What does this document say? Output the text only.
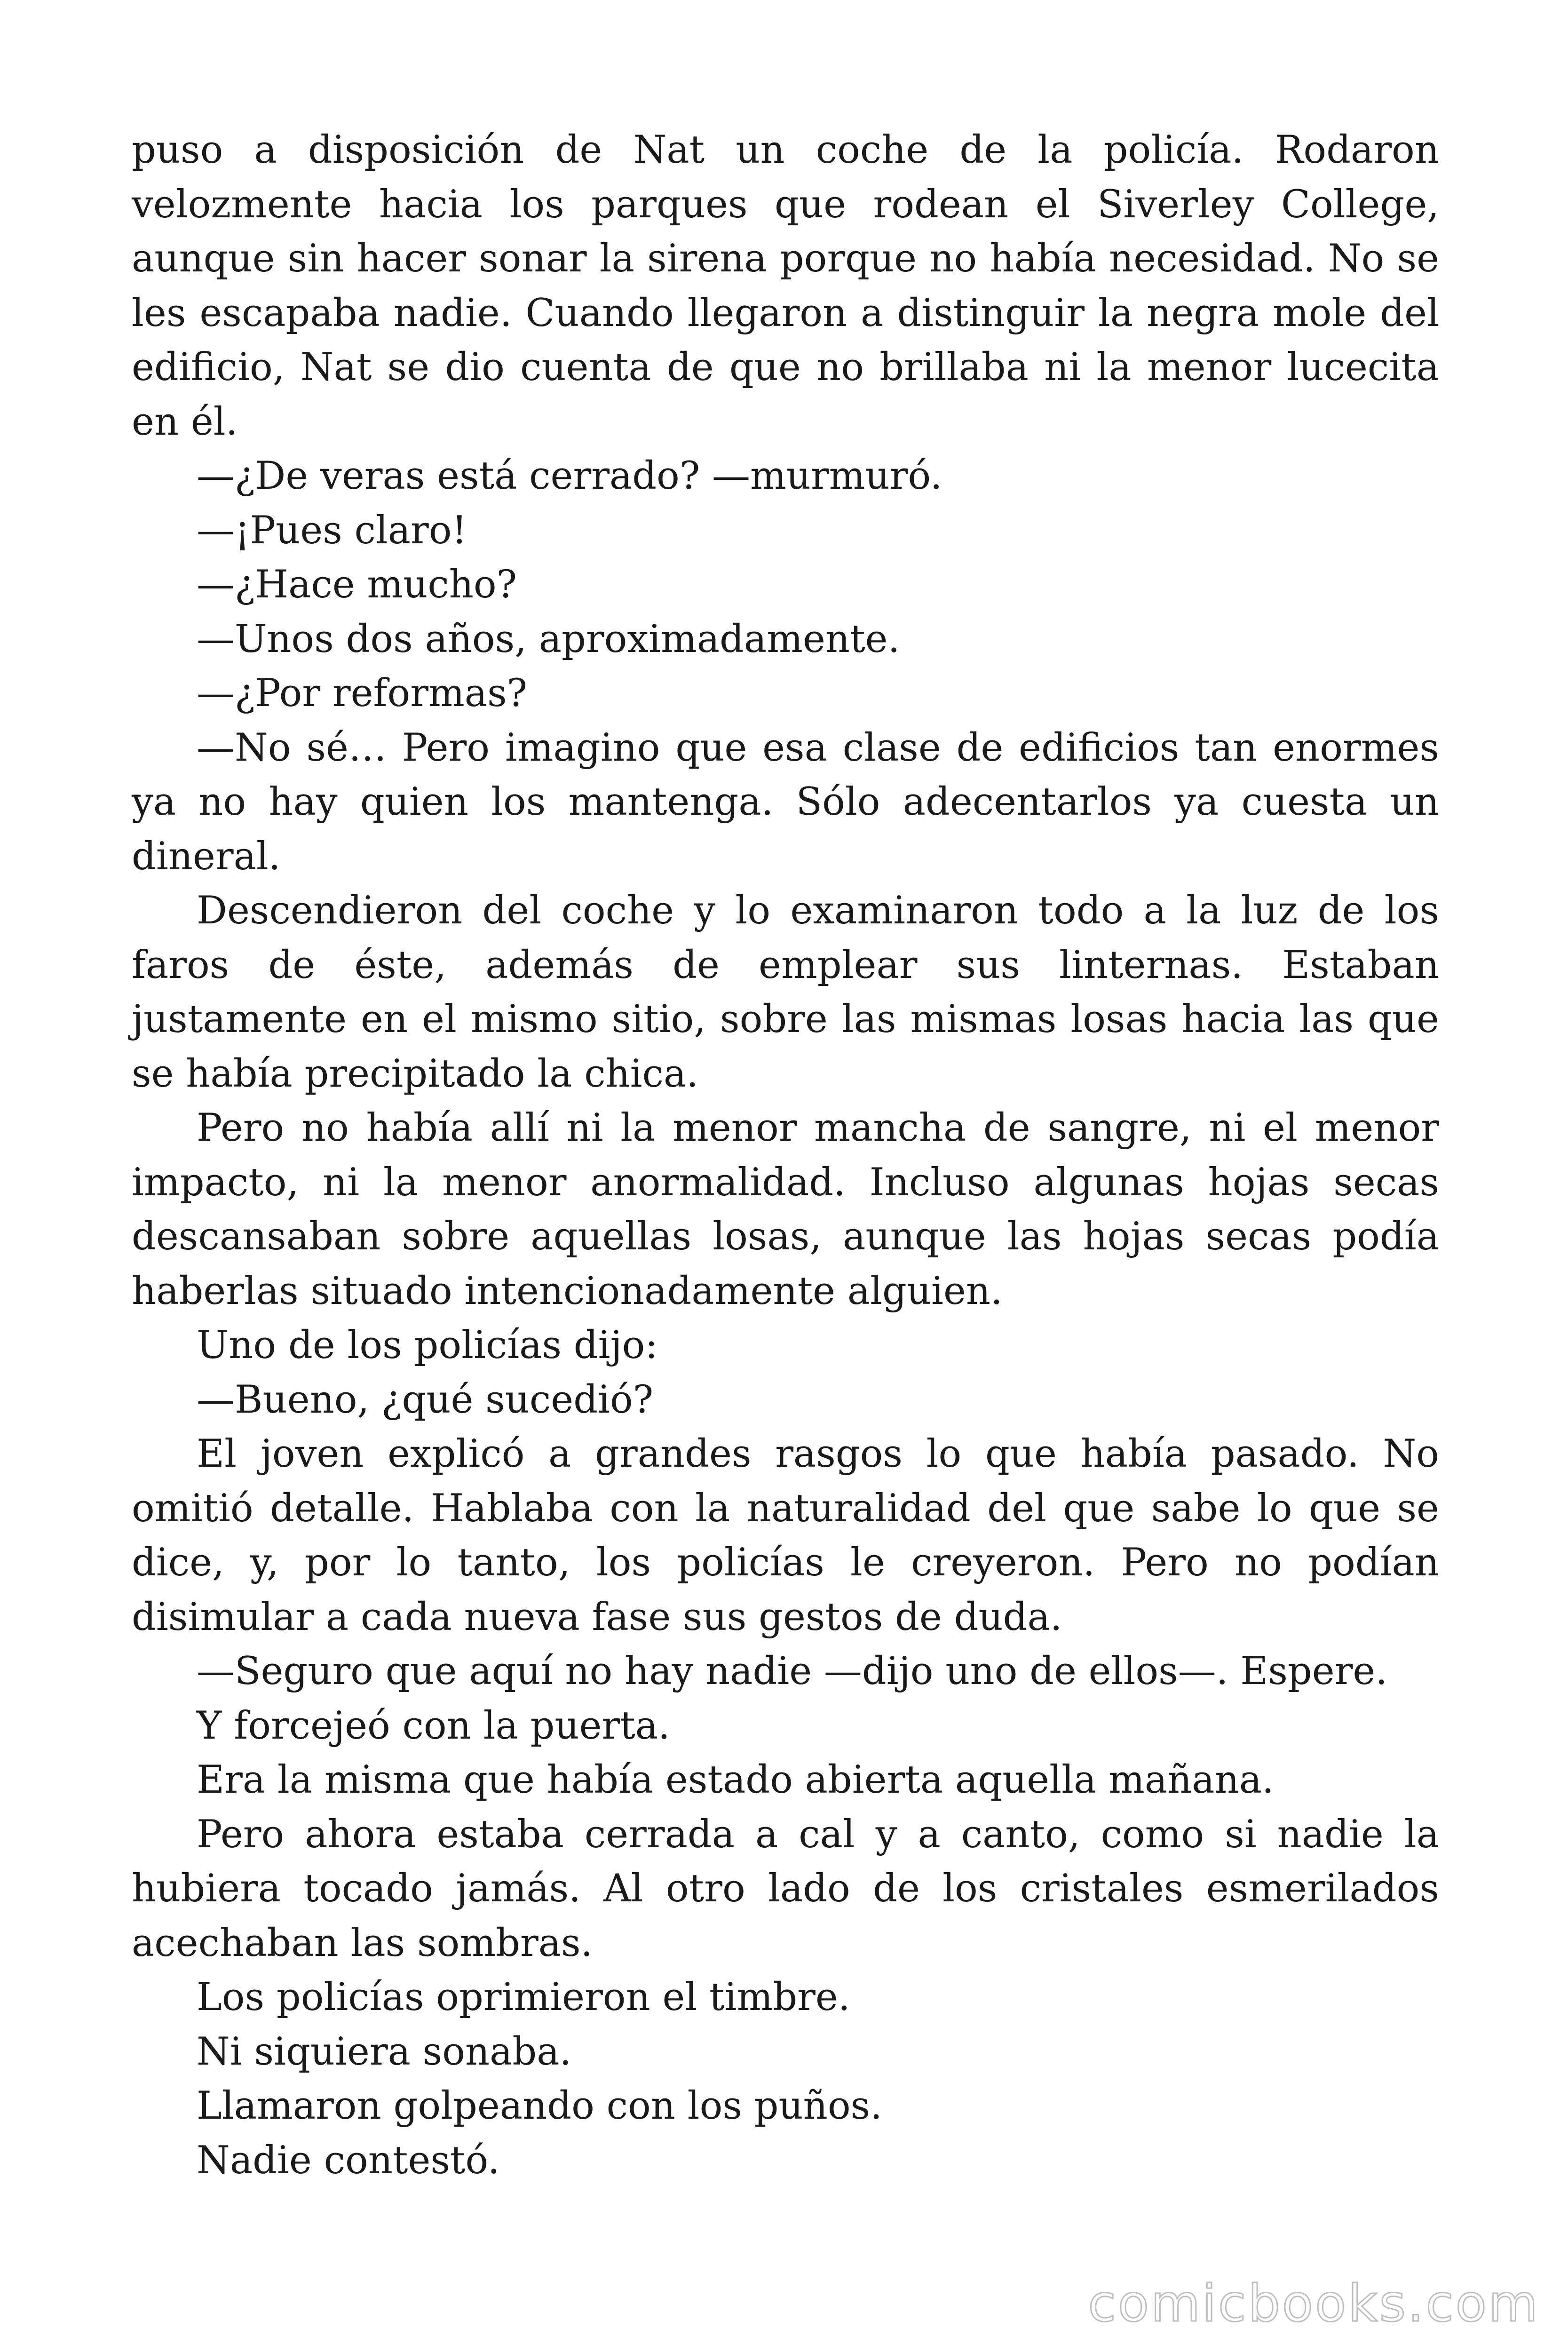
puso a disposición de Nat un coche de la policía. Rodaron velozmente hacia los parques que rodean el Siverley College, aunque sin hacer sonar la sirena porque no había necesidad. No se les escapaba nadie. Cuando llegaron a distinguir la negra mole del edificio, Nat se dio cuenta de que no brillaba ni la menor lucecita en él.

—¿De veras está cerrado? —murmuró.

—¡Pues claro!

—¿Hace mucho?

—Unos dos años, aproximadamente.

—¿Por reformas?

—No sé… Pero imagino que esa clase de edificios tan enormes ya no hay quien los mantenga. Sólo adecentarlos ya cuesta un dineral.

Descendieron del coche y lo examinaron todo a la luz de los faros de éste, además de emplear sus linternas. Estaban justamente en el mismo sitio, sobre las mismas losas hacia las que se había precipitado la chica.

Pero no había allí ni la menor mancha de sangre, ni el menor impacto, ni la menor anormalidad. Incluso algunas hojas secas descansaban sobre aquellas losas, aunque las hojas secas podía haberlas situado intencionadamente alguien.

Uno de los policías dijo:

—Bueno, ¿qué sucedió?

El joven explicó a grandes rasgos lo que había pasado. No omitió detalle. Hablaba con la naturalidad del que sabe lo que se dice, y, por lo tanto, los policías le creyeron. Pero no podían disimular a cada nueva fase sus gestos de duda.

—Seguro que aquí no hay nadie —dijo uno de ellos—. Espere.

Y forcejeó con la puerta.

Era la misma que había estado abierta aquella mañana.

Pero ahora estaba cerrada a cal y a canto, como si nadie la hubiera tocado jamás. Al otro lado de los cristales esmerilados acechaban las sombras.

Los policías oprimieron el timbre.

Ni siquiera sonaba.

Llamaron golpeando con los puños.

Nadie contestó.

comicbooks.com
